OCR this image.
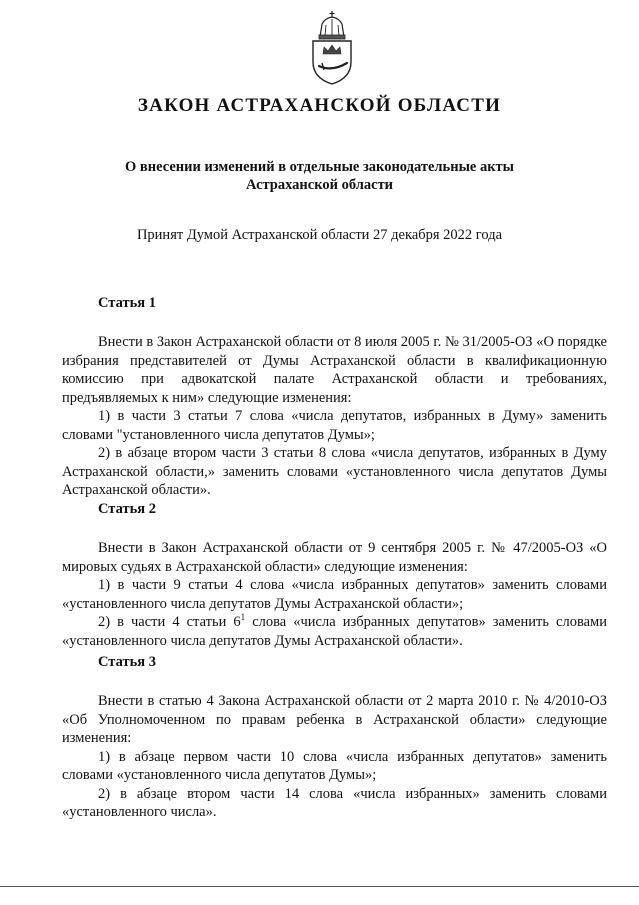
ЗАКОН АСТРАХАНСКОЙ ОБЛАСТИ
О внесении изменений в отдельные законодательные акты
Астраханской области

Принят Думой Астраханской области 27 декабря 2022 года

Статья 1

Внести в Закон Астраханской области от 8 июля 2005 г. № 31/2005-ОЗ «О порядке избрания представителей от Думы Астраханской области в квалификационную комиссию при адвокатской палате Астраханской области и требованиях, предъявляемых к ним» следующие изменения:

1) в части 3 статьи 7 слова «числа депутатов, избранных в Думу» заменить словами "установленного числа депутатов Думы»;

2) в абзаце втором части 3 статьи 8 слова «числа депутатов, избранных в Думу Астраханской области,» заменить словами «установленного числа депутатов Думы Астраханской области».

Статья 2

Внести в Закон Астраханской области от 9 сентября 2005 г. № 47/2005-ОЗ «О мировых судьях в Астраханской области» следующие изменения:

1) в части 9 статьи 4 слова «числа избранных депутатов» заменить словами «установленного числа депутатов Думы Астраханской области»;

2) в части 4 статьи $6^1$ слова «числа избранных депутатов» заменить словами «установленного числа депутатов Думы Астраханской области».

Статья 3

Внести в статью 4 Закона Астраханской области от 2 марта 2010 г. № 4/2010-ОЗ «Об Уполномоченном по правам ребенка в Астраханской области» следующие изменения:

1) в абзаце первом части 10 слова «числа избранных депутатов» заменить словами «установленного числа депутатов Думы»;

2) в абзаце втором части 14 слова «числа избранных» заменить словами «установленного числа».
